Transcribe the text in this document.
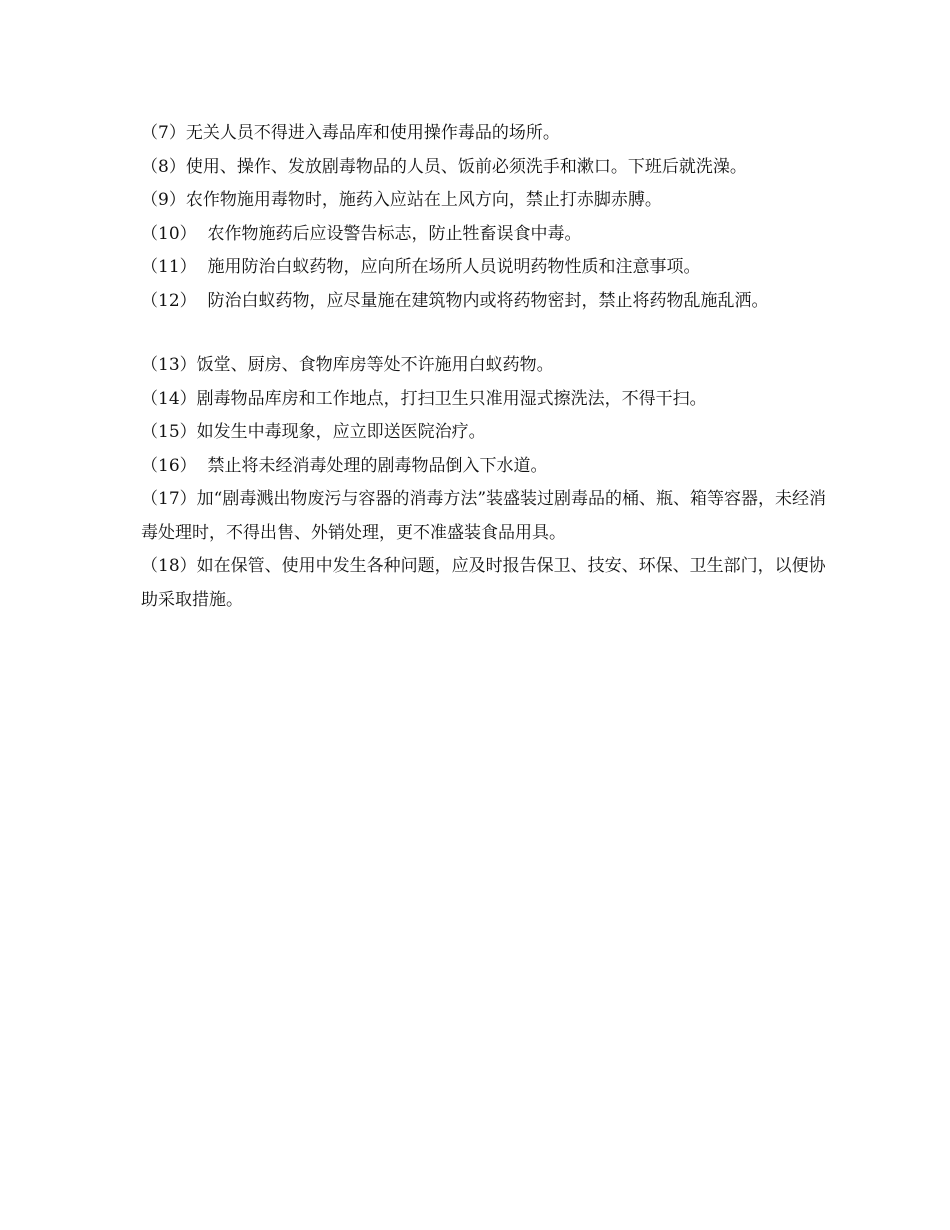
（7）无关人员不得进入毒品库和使用操作毒品的场所。
（8）使用、操作、发放剧毒物品的人员、饭前必须洗手和漱口。下班后就洗澡。
（9）农作物施用毒物时，施药入应站在上风方向，禁止打赤脚赤膊。
（10）  农作物施药后应设警告标志，防止牲畜误食中毒。
（11）  施用防治白蚁药物，应向所在场所人员说明药物性质和注意事项。
（12）  防治白蚁药物，应尽量施在建筑物内或将药物密封，禁止将药物乱施乱洒。
（13）饭堂、厨房、食物库房等处不许施用白蚁药物。
（14）剧毒物品库房和工作地点，打扫卫生只准用湿式擦洗法，不得干扫。
（15）如发生中毒现象，应立即送医院治疗。
（16）  禁止将未经消毒处理的剧毒物品倒入下水道。
（17）加“剧毒溅出物废污与容器的消毒方法”装盛装过剧毒品的桶、瓶、箱等容器，未经消毒处理时，不得出售、外销处理，更不准盛装食品用具。
（18）如在保管、使用中发生各种问题，应及时报告保卫、技安、环保、卫生部门，以便协助采取措施。
